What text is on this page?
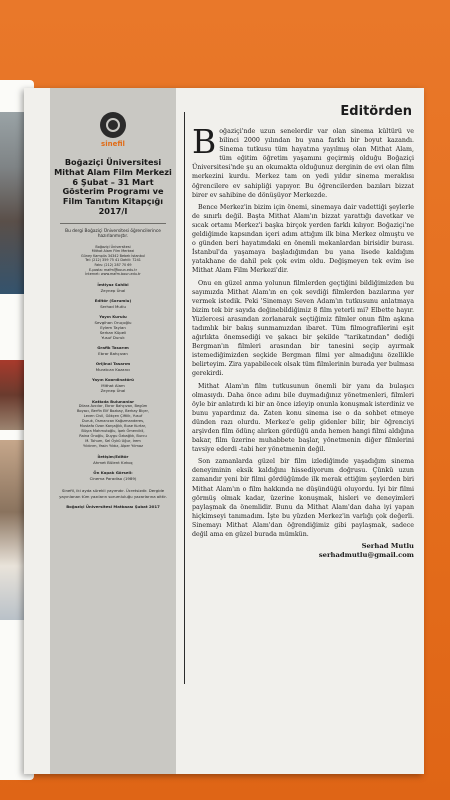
sinefil
Boğaziçi Üniversitesi
Mithat Alam Film Merkezi
6 Şubat – 31 Mart
Gösterim Programı ve
Film Tanıtım Kitapçığı
2017/I
Bu dergi Boğaziçi Üniversitesi öğrencilerince hazırlanmıştır.
Boğaziçi Üniversitesi
Mithat Alam Film Merkezi
Güney Kampüs 34342 Bebek İstanbul
Tel: (212) 359 75 41 Dahili: 7241
Faks: (212) 287 70 69
E-posta: mafm@boun.edu.tr
İnternet: www.mafm.boun.edu.tr
İmtiyaz Sahibi
Zeynep Ünal
Editör (Sorumlu)
Serhad Mutlu
Yayın Kurulu
Sevgihan Oruçoğlu
Eylem Taylan
Serkan Küpeli
Yusuf Duruk
Grafik Tasarım
Ebrar Bahçıvan
Orijinal Tasarım
Muratcan Kazancı
Yayın Koordinatörü
Mithat Alam
Zeynep Ünal
Katkıda Bulunanlar
Dilara Avcılar, Ebrar Bahçıvan, Begüm
Boyacı, Berfin Elif Bozbay, Berkay Biçer,
Leven Civil, Gökçen Çiftlik, Yusuf
Duruk, Osmancan Kağızmanderes,
Mustafa Ozan Karçağlılı, Buse Kurtar,
Büşra Mahmutoğlu, İpek Ömercikli,
Raina Önoğlu, Duygu Özbağlık, Burcu
M. Tohum, Sel Öykü Uğur, İrem
Yıldırım, Yasin Yıldız, Alper Yılmaz
İletişim/Editör
Ahmet Bülent Kırkoç
Ön Kapak Görseli:
Cinema Paradiso (1989)
Sinefil, iki ayda sürekli yayımdır. Ücretsizdir. Dergide yayınlanan tüm yazıların sorumluluğu yazarlarına aittir.
Boğaziçi Üniversitesi Matbaası Şubat 2017
Editörden

Boğaziçi'nde uzun senelerdir var olan sinema kültürü ve bilinci 2000 yılından bu yana farklı bir boyut kazandı. Sinema tutkusu tüm hayatına yayılmış olan Mithat Alam, tüm eğitim öğretim yaşamını geçirmiş olduğu Boğaziçi Üniversitesi'nde şu an okumakta olduğunuz derginin de evi olan film merkezini kurdu. Merkez tam on yedi yıldır sinema meraklısı öğrencilere ev sahipliği yapıyor. Bu öğrencilerden bazıları bizzat birer ev sahibine de dönüşüyor Merkezde.

Bence Merkez'in bizim için önemi, sinemaya dair vadettiği şeylerle de sınırlı değil. Başta Mithat Alam'ın bizzat yarattığı davetkar ve sıcak ortamı Merkez'i başka birçok yerden farklı kılıyor. Boğaziçi'ne geldiğimde kapsından içeri adım attığım ilk bina Merkez olmuştu ve o günden beri hayatımdaki en önemli mekanlardan birisidir burası. İstanbul'da yaşamaya başladığımdan bu yana lisede kaldığım yatakhane de dahil pek çok evim oldu. Değişmeyen tek evim ise Mithat Alam Film Merkezi'dir.

Onu en güzel anma yolunun filmlerden geçtiğini bildiğimizden bu sayımızda Mithat Alam'ın en çok sevdiği filmlerden bazılarına yer vermek istedik. Peki 'Sinemayı Seven Adam'ın tutkusunu anlatmaya bizim tek bir sayıda değinebildiğimiz 8 film yeterli mi? Elbette hayır. Yüzlercesi arasından zorlanarak seçtiğimiz filmler onun film aşkına tadımlık bir bakış sunmamızdan ibaret. Tüm filmografilerini eşit ağırlıkta önemsediği ve şakacı bir şekilde "tarikatından" dediği Bergman'ın filmleri arasından bir tanesini seçip ayırmak istemediğimizden seçkide Bergman filmi yer almadığını özellikle belirteyim. Zira yapabilecek olsak tüm filmlerinin burada yer bulması gerekirdi.

Mithat Alam'ın film tutkusunun önemli bir yanı da bulaşıcı olmasıydı. Daha önce adını bile duymadığınız yönetmenleri, filmleri öyle bir anlatırdı ki bir an önce izleyip onunla konuşmak isterdiniz ve bunu yapardınız da. Zaten konu sinema ise o da sohbet etmeye dünden razı olurdu. Merkez'e gelip gidenler bilir, bir öğrenciyi arşivden film ödünç alırken gördüğü anda hemen hangi filmi aldığına bakar, film üzerine muhabbete başlar, yönetmenin diğer filmlerini tavsiye ederdi -tabi her yönetmenin değil.

Son zamanlarda güzel bir film izlediğimde yaşadığım sinema deneyiminin eksik kaldığını hissediyorum doğrusu. Çünkü uzun zamandır yeni bir filmi gördüğümde ilk merak ettiğim şeylerden biri Mithat Alam'ın o film hakkında ne düşündüğü oluyordu. İyi bir filmi görmüş olmak kadar, üzerine konuşmak, hisleri ve deneyimleri paylaşmak da önemlidir. Bunu da Mithat Alam'dan daha iyi yapan hiçkimseyi tanımadım. İşte bu yüzden Merkez'in varlığı çok değerli. Sinemayı Mithat Alam'dan öğrendiğimiz gibi paylaşmak, sadece değil ama en güzel burada mümkün.

Serhad Mutlu
serhadmutlu@gmail.com
